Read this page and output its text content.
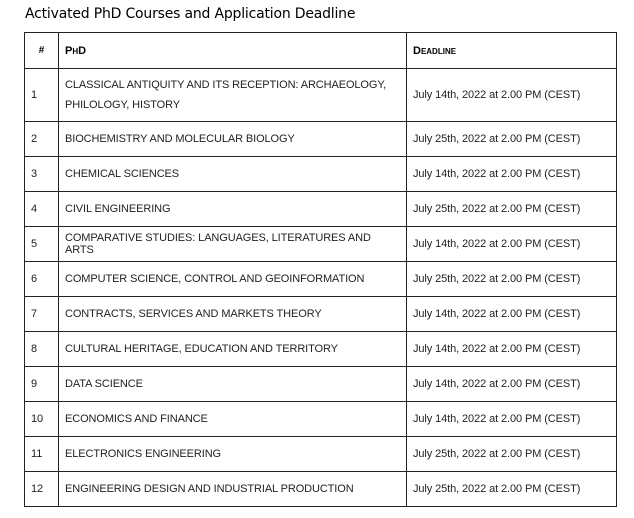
Activated PhD Courses and Application Deadline
#	PhD	Deadline
1	CLASSICAL ANTIQUITY AND ITS RECEPTION: ARCHAEOLOGY, PHILOLOGY, HISTORY	July 14th, 2022 at 2.00 PM (CEST)
2	BIOCHEMISTRY AND MOLECULAR BIOLOGY	July 25th, 2022 at 2.00 PM (CEST)
3	CHEMICAL SCIENCES	July 14th, 2022 at 2.00 PM (CEST)
4	CIVIL ENGINEERING	July 25th, 2022 at 2.00 PM (CEST)
5	COMPARATIVE STUDIES: LANGUAGES, LITERATURES AND ARTS	July 14th, 2022 at 2.00 PM (CEST)
6	COMPUTER SCIENCE, CONTROL AND GEOINFORMATION	July 25th, 2022 at 2.00 PM (CEST)
7	CONTRACTS, SERVICES AND MARKETS THEORY	July 14th, 2022 at 2.00 PM (CEST)
8	CULTURAL HERITAGE, EDUCATION AND TERRITORY	July 14th, 2022 at 2.00 PM (CEST)
9	DATA SCIENCE	July 14th, 2022 at 2.00 PM (CEST)
10	ECONOMICS AND FINANCE	July 14th, 2022 at 2.00 PM (CEST)
11	ELECTRONICS ENGINEERING	July 25th, 2022 at 2.00 PM (CEST)
12	ENGINEERING DESIGN AND INDUSTRIAL PRODUCTION	July 25th, 2022 at 2.00 PM (CEST)
